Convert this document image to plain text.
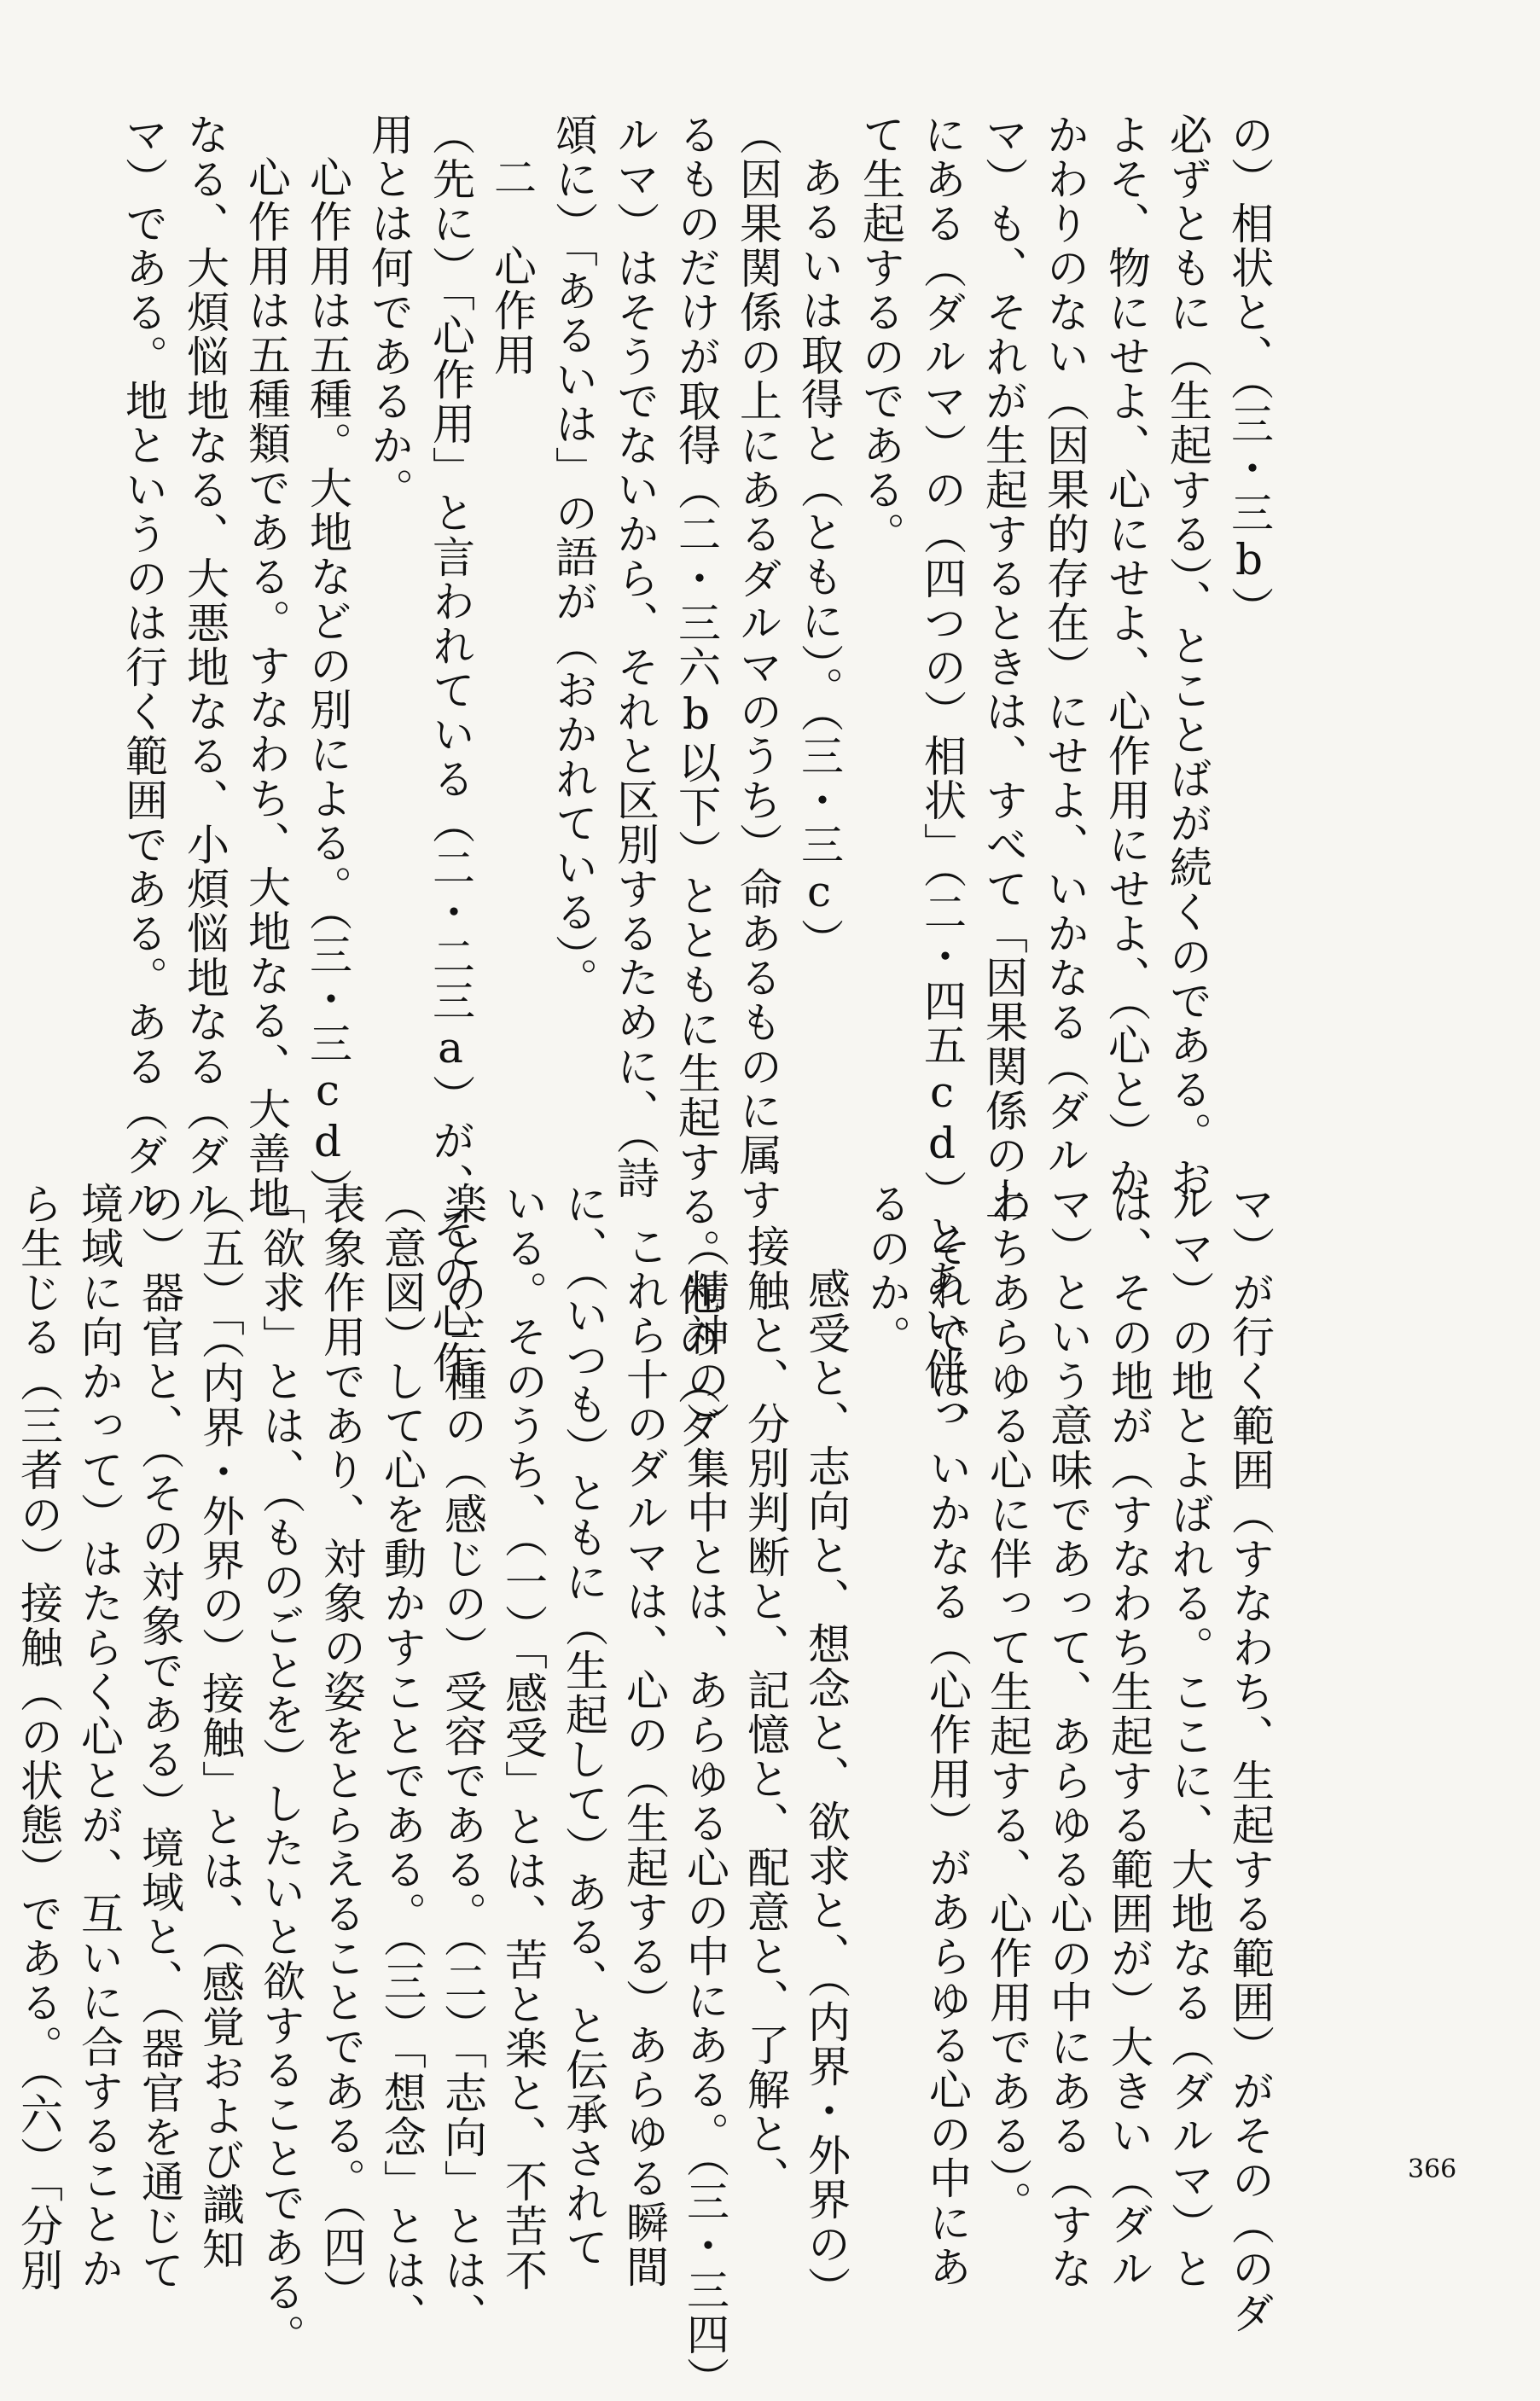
の）相状と、（三・三b）
必ずともに（生起する）、とことばが続くのである。お
よそ、物にせよ、心にせよ、心作用にせよ、（心と）か
かわりのない（因果的存在）にせよ、いかなる（ダル
マ）も、それが生起するときは、すべて「因果関係の上
にある（ダルマ）の（四つの）相状」（二・四五cd）とあい伴っ
て生起するのである。
あるいは取得と（ともに）。（三・三c）
（因果関係の上にあるダルマのうち）命あるものに属す
るものだけが取得（二・三六b以下）とともに生起する。他の（ダ
ルマ）はそうでないから、それと区別するために、（詩
頌に）「あるいは」の語が（おかれている）。
二　心作用
（先に）「心作用」と言われている（二・二三a）が、その心作
用とは何であるか。
心作用は五種。大地などの別による。（三・三cd）
心作用は五種類である。すなわち、大地なる、大善地
なる、大煩悩地なる、大悪地なる、小煩悩地なる（ダル
マ）である。地というのは行く範囲である。ある（ダル
マ）が行く範囲（すなわち、生起する範囲）がその（のダ
ルマ）の地とよばれる。ここに、大地なる（ダルマ）と
は、その地が（すなわち生起する範囲が）大きい（ダル
マ）という意味であって、あらゆる心の中にある（すな
わちあらゆる心に伴って生起する、心作用である）。
それでは、いかなる（心作用）があらゆる心の中にあ
るのか。
感受と、志向と、想念と、欲求と、（内界・外界の）
接触と、分別判断と、記憶と、配意と、了解と、
（精神の）集中とは、あらゆる心の中にある。（三・三四）
これら十のダルマは、心の（生起する）あらゆる瞬間
に、（いつも）ともに（生起して）ある、と伝承されて
いる。そのうち、（一）「感受」とは、苦と楽と、不苦不
楽との三種の（感じの）受容である。（二）「志向」とは、
（意図）して心を動かすことである。（三）「想念」とは、
表象作用であり、対象の姿をとらえることである。（四）
「欲求」とは、（ものごとを）したいと欲することである。
（五）「（内界・外界の）接触」とは、（感覚および識知
の）器官と、（その対象である）境域と、（器官を通じて
境域に向かって）はたらく心とが、互いに合することか
ら生じる（三者の）接触（の状態）である。（六）「分別	366
